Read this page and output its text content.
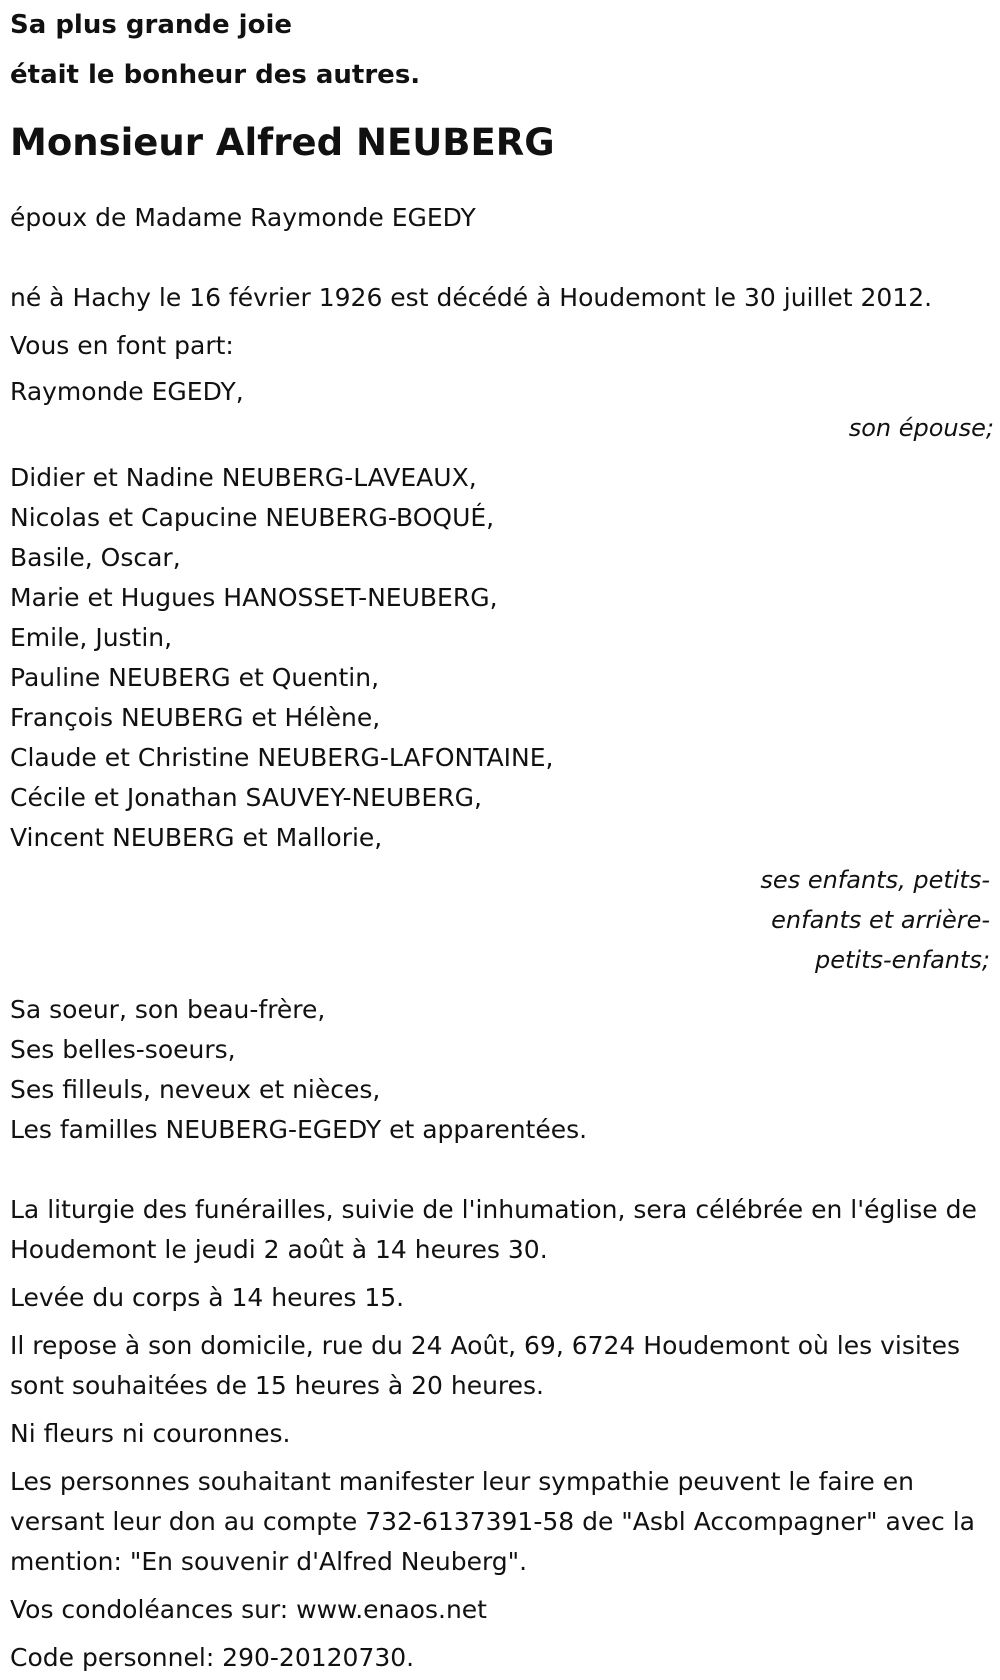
Sa plus grande joie
était le bonheur des autres.
Monsieur Alfred NEUBERG

époux de Madame Raymonde EGEDY

né à Hachy le 16 février 1926 est décédé à Houdemont le 30 juillet 2012.

Vous en font part:

Raymonde EGEDY,

son épouse;

Didier et Nadine NEUBERG-LAVEAUX,
Nicolas et Capucine NEUBERG-BOQUÉ,
Basile, Oscar,
Marie et Hugues HANOSSET-NEUBERG,
Emile, Justin,
Pauline NEUBERG et Quentin,
François NEUBERG et Hélène,
Claude et Christine NEUBERG-LAFONTAINE,
Cécile et Jonathan SAUVEY-NEUBERG,
Vincent NEUBERG et Mallorie,

ses enfants, petits-enfants et arrière-petits-enfants;

Sa soeur, son beau-frère,
Ses belles-soeurs,
Ses filleuls, neveux et nièces,
Les familles NEUBERG-EGEDY et apparentées.

La liturgie des funérailles, suivie de l'inhumation, sera célébrée en l'église de Houdemont le jeudi 2 août à 14 heures 30.

Levée du corps à 14 heures 15.

Il repose à son domicile, rue du 24 Août, 69, 6724 Houdemont où les visites sont souhaitées de 15 heures à 20 heures.

Ni fleurs ni couronnes.

Les personnes souhaitant manifester leur sympathie peuvent le faire en versant leur don au compte 732-6137391-58 de "Asbl Accompagner" avec la mention: "En souvenir d'Alfred Neuberg".

Vos condoléances sur: www.enaos.net

Code personnel: 290-20120730.
